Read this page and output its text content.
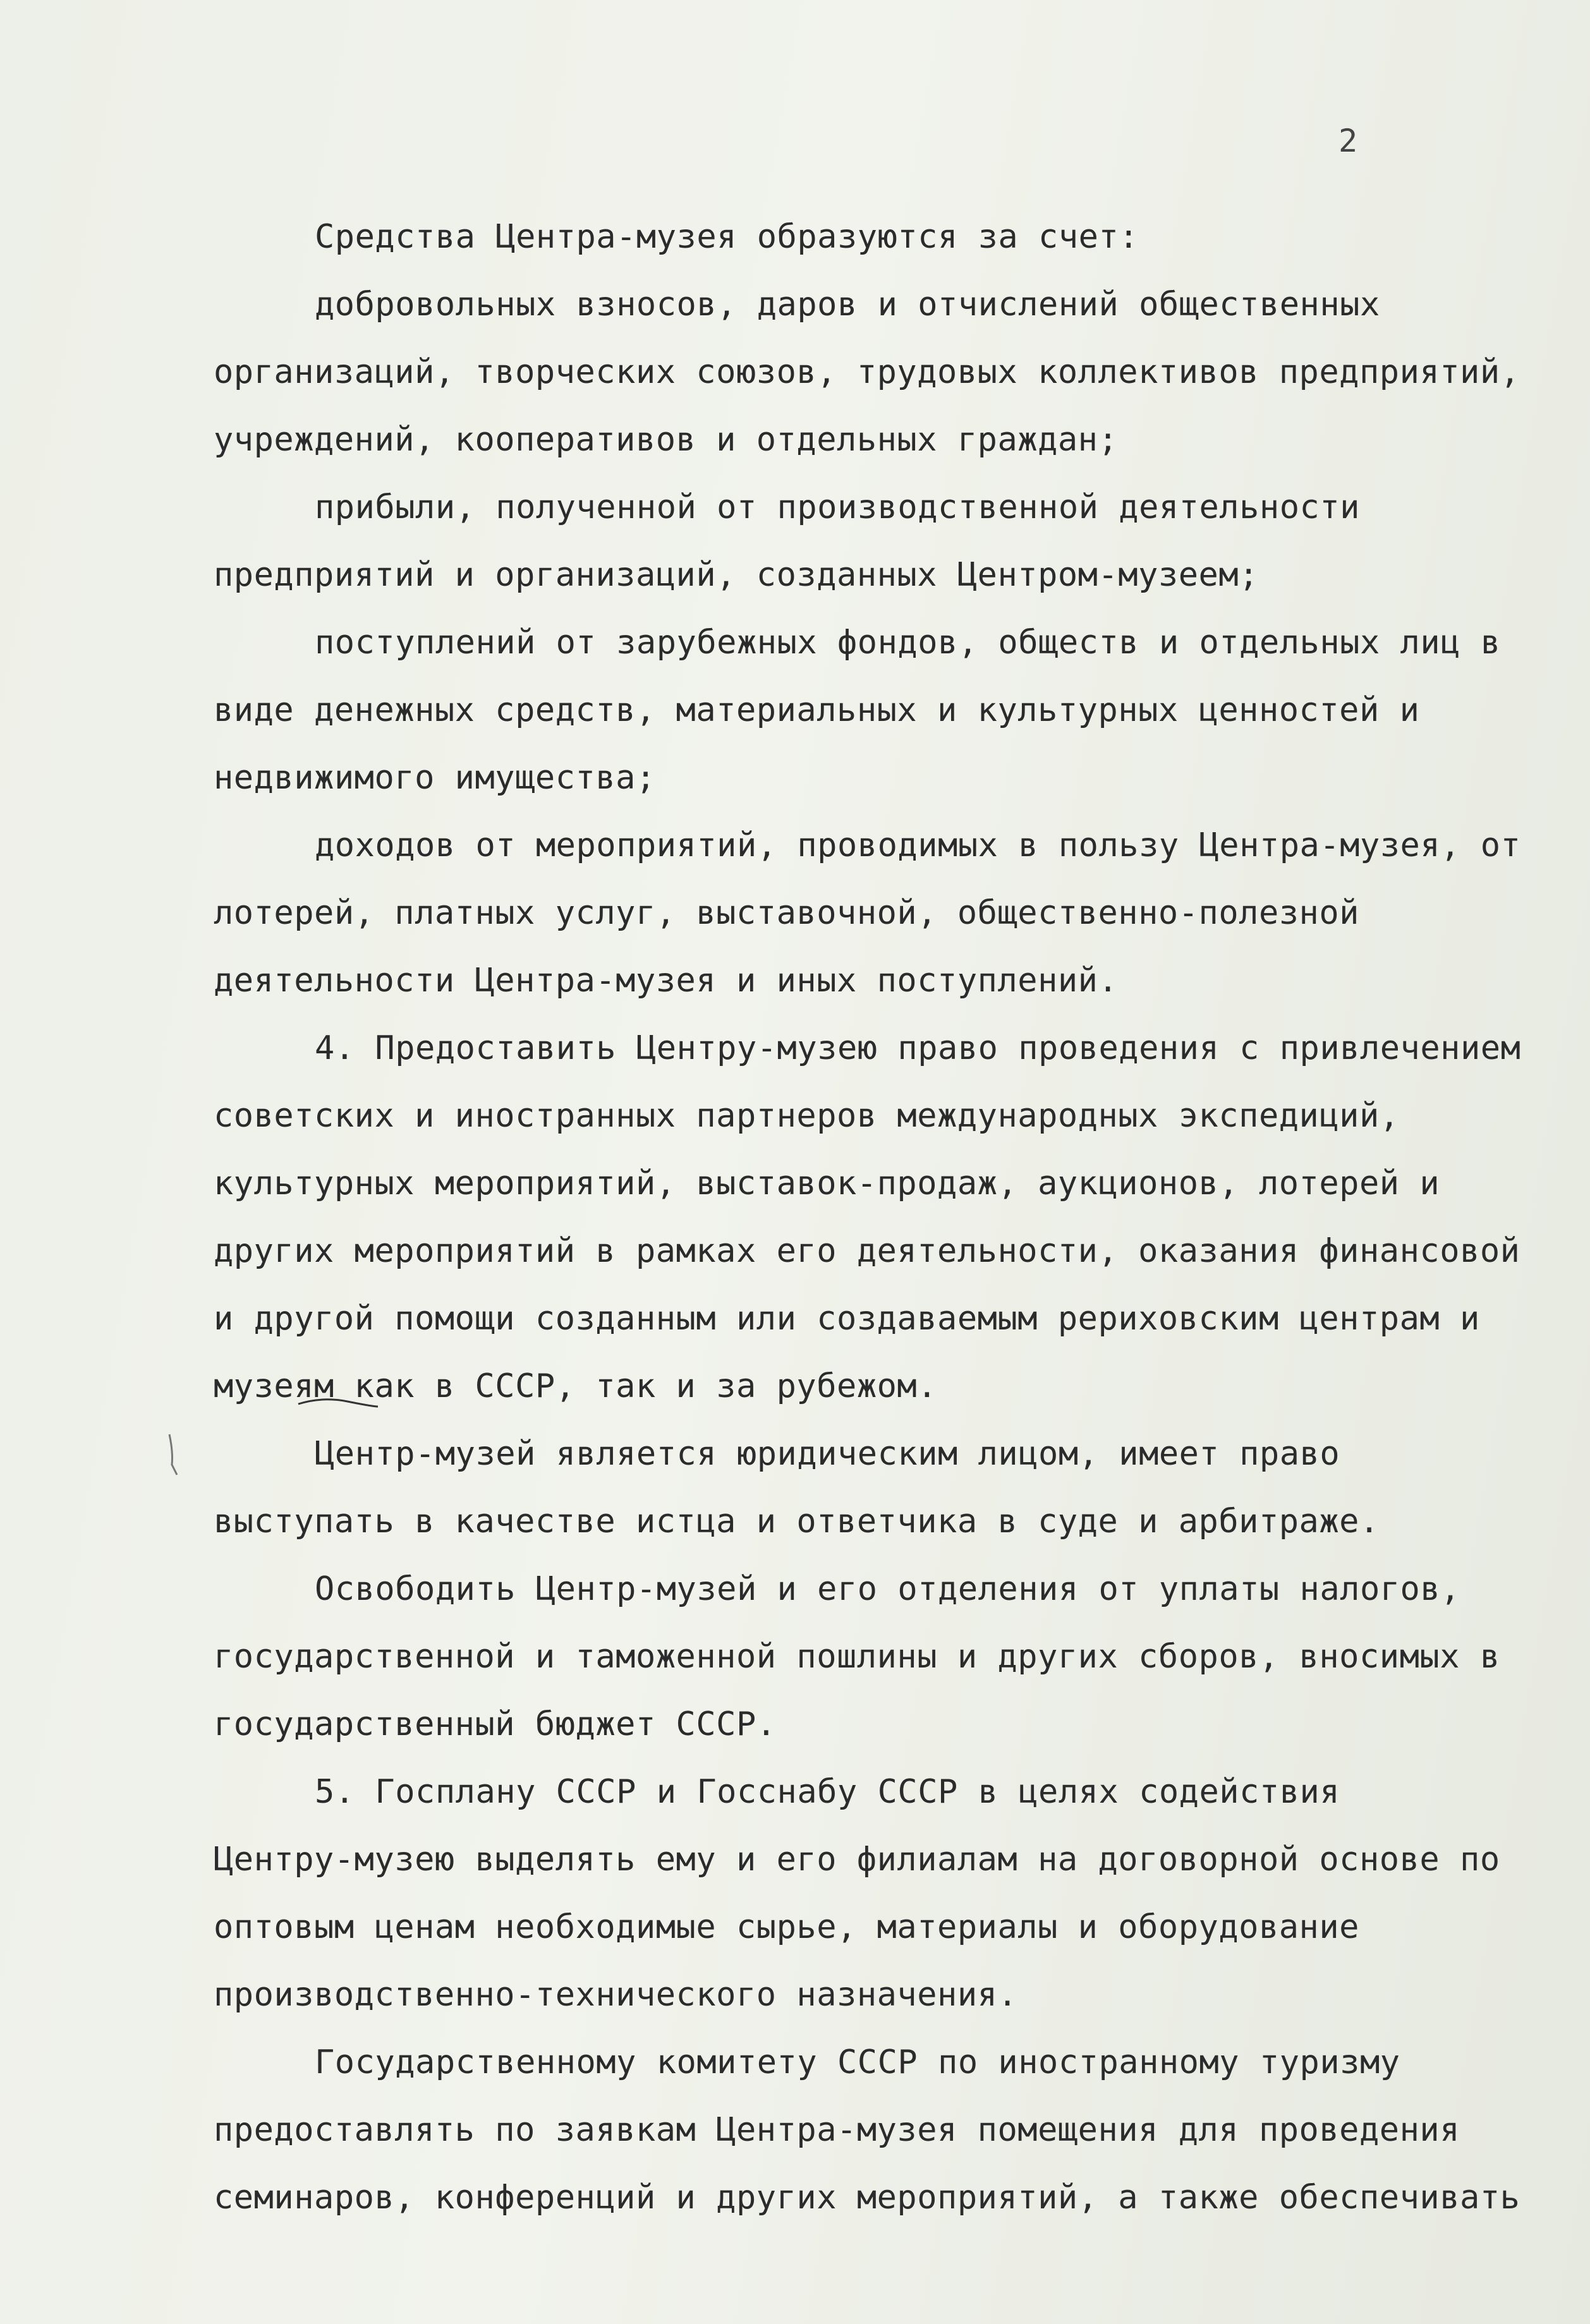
2
Средства Центра-музея образуются за счет:
добровольных взносов, даров и отчислений общественных
организаций, творческих союзов, трудовых коллективов предприятий,
учреждений, кооперативов и отдельных граждан;
прибыли, полученной от производственной деятельности
предприятий и организаций, созданных Центром-музеем;
поступлений от зарубежных фондов, обществ и отдельных лиц в
виде денежных средств, материальных и культурных ценностей и
недвижимого имущества;
доходов от мероприятий, проводимых в пользу Центра-музея, от
лотерей, платных услуг, выставочной, общественно-полезной
деятельности Центра-музея и иных поступлений.
4. Предоставить Центру-музею право проведения с привлечением
советских и иностранных партнеров международных экспедиций,
культурных мероприятий, выставок-продаж, аукционов, лотерей и
других мероприятий в рамках его деятельности, оказания финансовой
и другой помощи созданным или создаваемым рериховским центрам и
музеям как в СССР, так и за рубежом.
Центр-музей является юридическим лицом, имеет право
выступать в качестве истца и ответчика в суде и арбитраже.
Освободить Центр-музей и его отделения от уплаты налогов,
государственной и таможенной пошлины и других сборов, вносимых в
государственный бюджет СССР.
5. Госплану СССР и Госснабу СССР в целях содействия
Центру-музею выделять ему и его филиалам на договорной основе по
оптовым ценам необходимые сырье, материалы и оборудование
производственно-технического назначения.
Государственному комитету СССР по иностранному туризму
предоставлять по заявкам Центра-музея помещения для проведения
семинаров, конференций и других мероприятий, а также обеспечивать
